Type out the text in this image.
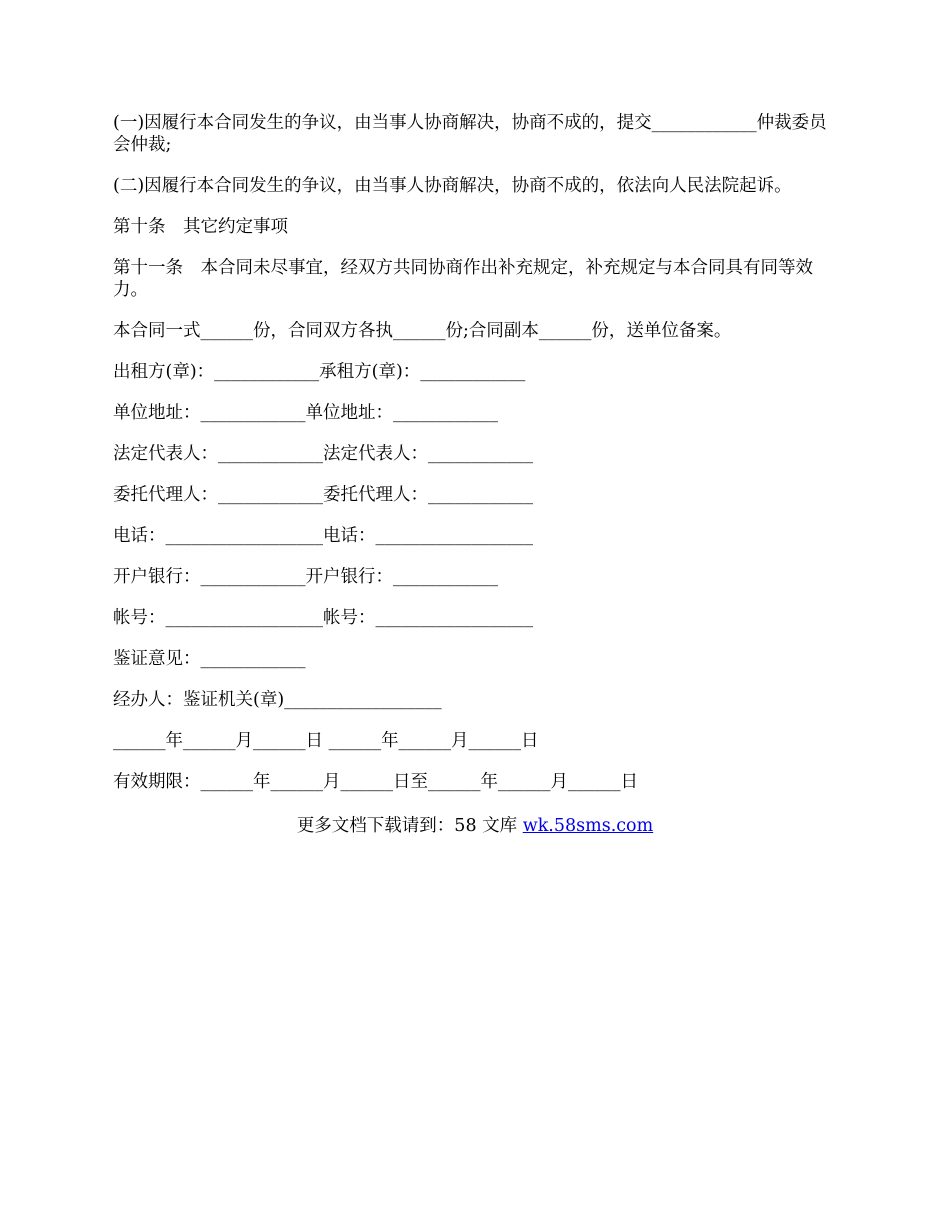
(一)因履行本合同发生的争议，由当事人协商解决，协商不成的，提交____________仲裁委员会仲裁;

(二)因履行本合同发生的争议，由当事人协商解决，协商不成的，依法向人民法院起诉。

第十条　其它约定事项

第十一条　本合同未尽事宜，经双方共同协商作出补充规定，补充规定与本合同具有同等效力。

本合同一式______份，合同双方各执______份;合同副本______份，送单位备案。

出租方(章)：____________承租方(章)：____________

单位地址：____________单位地址：____________

法定代表人：____________法定代表人：____________

委托代理人：____________委托代理人：____________

电话：__________________电话：__________________

开户银行：____________开户银行：____________

帐号：__________________帐号：__________________

鉴证意见：____________

经办人：鉴证机关(章)__________________

______年______月______日 ______年______月______日

有效期限：______年______月______日至______年______月______日

更多文档下载请到：58 文库 wk.58sms.com
